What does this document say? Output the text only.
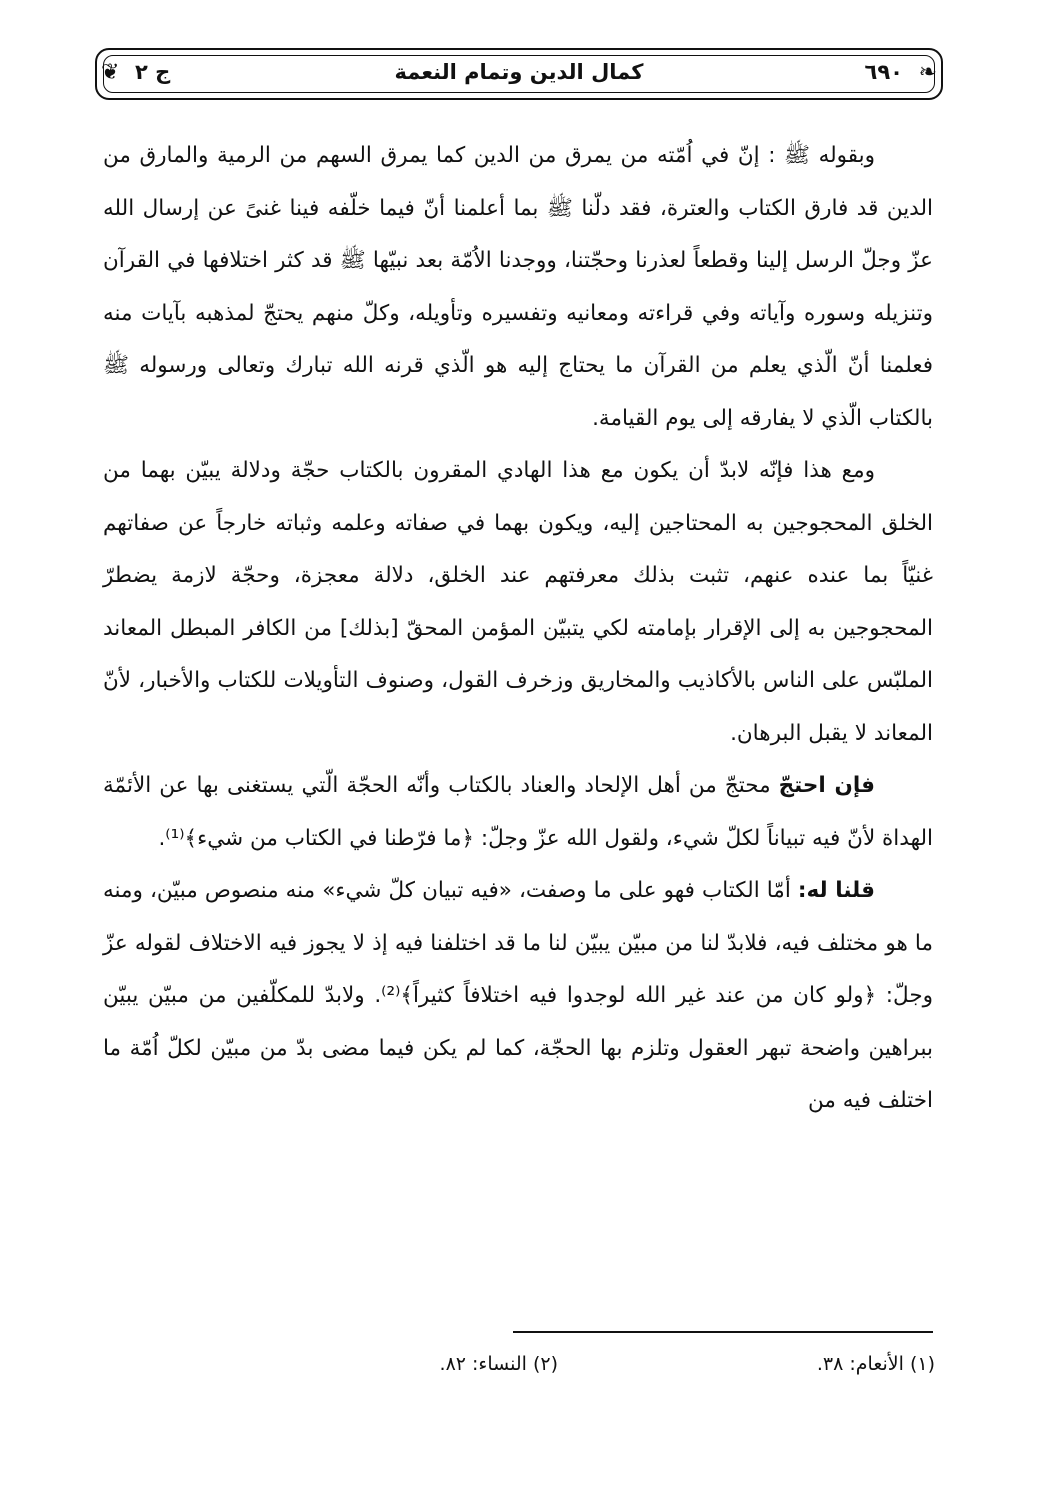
❦	❧
ج ٢	كمال الدين وتمام النعمة	٦٩٠

وبقوله ﷺ : إنّ في اُمّته من يمرق من الدين كما يمرق السهم من الرمية والمارق من الدين قد فارق الكتاب والعترة، فقد دلّنا ﷺ بما أعلمنا أنّ فيما خلّفه فينا غنىً عن إرسال الله عزّ وجلّ الرسل إلينا وقطعاً لعذرنا وحجّتنا، ووجدنا الاُمّة بعد نبيّها ﷺ قد كثر اختلافها في القرآن وتنزيله وسوره وآياته وفي قراءته ومعانيه وتفسيره وتأويله، وكلّ منهم يحتجّ لمذهبه بآيات منه فعلمنا أنّ الّذي يعلم من القرآن ما يحتاج إليه هو الّذي قرنه الله تبارك وتعالى ورسوله ﷺ بالكتاب الّذي لا يفارقه إلى يوم القيامة.

ومع هذا فإنّه لابدّ أن يكون مع هذا الهادي المقرون بالكتاب حجّة ودلالة يبيّن بهما من الخلق المحجوجين به المحتاجين إليه، ويكون بهما في صفاته وعلمه وثباته خارجاً عن صفاتهم غنيّاً بما عنده عنهم، تثبت بذلك معرفتهم عند الخلق، دلالة معجزة، وحجّة لازمة يضطرّ المحجوجين به إلى الإقرار بإمامته لكي يتبيّن المؤمن المحقّ [بذلك] من الكافر المبطل المعاند الملبّس على الناس بالأكاذيب والمخاريق وزخرف القول، وصنوف التأويلات للكتاب والأخبار، لأنّ المعاند لا يقبل البرهان.

فإن احتجّ محتجّ من أهل الإلحاد والعناد بالكتاب وأنّه الحجّة الّتي يستغنى بها عن الأئمّة الهداة لأنّ فيه تبياناً لكلّ شيء، ولقول الله عزّ وجلّ: ﴿ما فرّطنا في الكتاب من شيء﴾⁽¹⁾.

قلنا له: أمّا الكتاب فهو على ما وصفت، «فيه تبيان كلّ شيء» منه منصوص مبيّن، ومنه ما هو مختلف فيه، فلابدّ لنا من مبيّن يبيّن لنا ما قد اختلفنا فيه إذ لا يجوز فيه الاختلاف لقوله عزّ وجلّ: ﴿ولو كان من عند غير الله لوجدوا فيه اختلافاً كثيراً﴾⁽²⁾. ولابدّ للمكلّفين من مبيّن يبيّن ببراهين واضحة تبهر العقول وتلزم بها الحجّة، كما لم يكن فيما مضى بدّ من مبيّن لكلّ اُمّة ما اختلف فيه من

(١) الأنعام: ٣٨.
(٢) النساء: ٨٢.
